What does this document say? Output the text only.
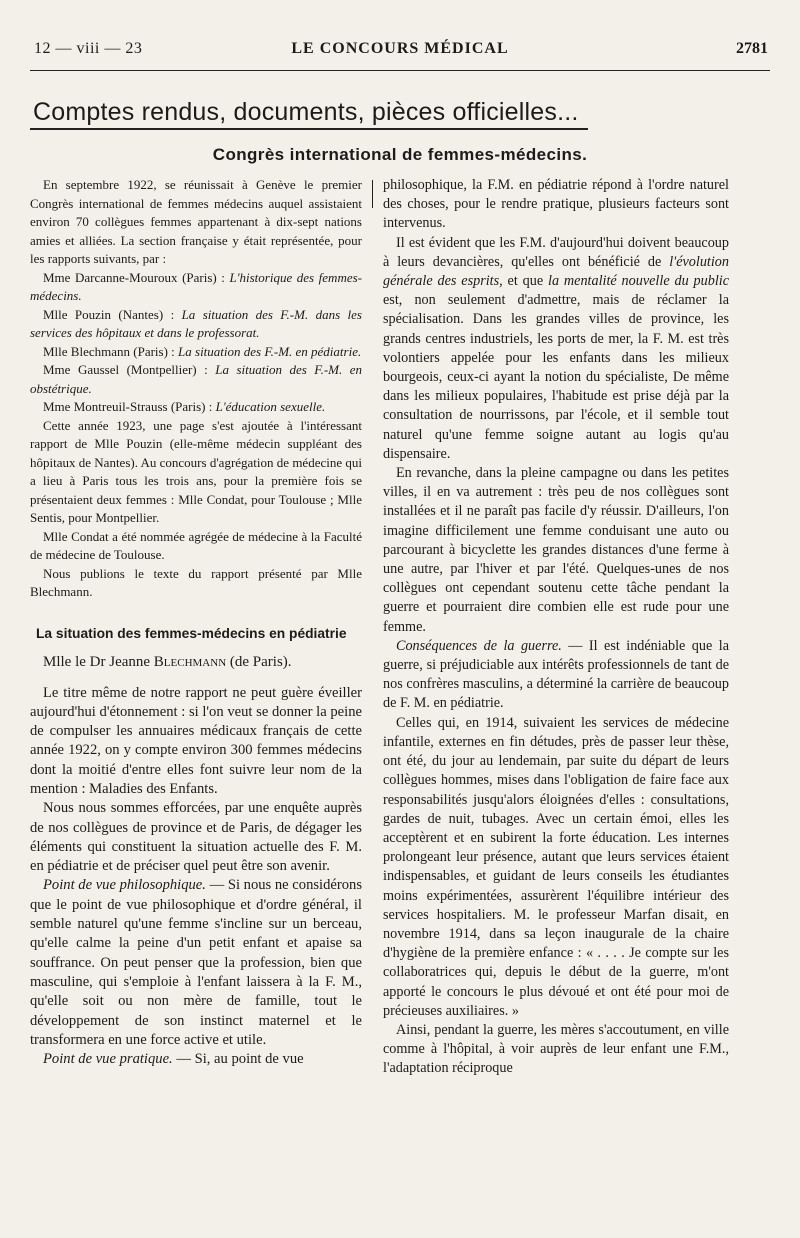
12 — viii — 23	LE CONCOURS MÉDICAL	2781
Comptes rendus, documents, pièces officielles...
Congrès international de femmes-médecins.

En septembre 1922, se réunissait à Genève le premier Congrès international de femmes médecins auquel assistaient environ 70 collègues femmes appartenant à dix-sept nations amies et alliées. La section française y était représentée, pour les rapports suivants, par :

Mme Darcanne-Mouroux (Paris) : L'historique des femmes-médecins.

Mlle Pouzin (Nantes) : La situation des F.-M. dans les services des hôpitaux et dans le professorat.

Mlle Blechmann (Paris) : La situation des F.-M. en pédiatrie.

Mme Gaussel (Montpellier) : La situation des F.-M. en obstétrique.

Mme Montreuil-Strauss (Paris) : L'éducation sexuelle.

Cette année 1923, une page s'est ajoutée à l'intéressant rapport de Mlle Pouzin (elle-même médecin suppléant des hôpitaux de Nantes). Au concours d'agrégation de médecine qui a lieu à Paris tous les trois ans, pour la première fois se présentaient deux femmes : Mlle Condat, pour Toulouse ; Mlle Sentis, pour Montpellier.

Mlle Condat a été nommée agrégée de médecine à la Faculté de médecine de Toulouse.

Nous publions le texte du rapport présenté par Mlle Blechmann.

La situation des femmes-médecins en pédiatrie

Mlle le Dr Jeanne Blechmann (de Paris).

Le titre même de notre rapport ne peut guère éveiller aujourd'hui d'étonnement : si l'on veut se donner la peine de compulser les annuaires médicaux français de cette année 1922, on y compte environ 300 femmes médecins dont la moitié d'entre elles font suivre leur nom de la mention : Maladies des Enfants.

Nous nous sommes efforcées, par une enquête auprès de nos collègues de province et de Paris, de dégager les éléments qui constituent la situation actuelle des F. M. en pédiatrie et de préciser quel peut être son avenir.

Point de vue philosophique. — Si nous ne considérons que le point de vue philosophique et d'ordre général, il semble naturel qu'une femme s'incline sur un berceau, qu'elle calme la peine d'un petit enfant et apaise sa souffrance. On peut penser que la profession, bien que masculine, qui s'emploie à l'enfant laissera à la F. M., qu'elle soit ou non mère de famille, tout le développement de son instinct maternel et le transformera en une force active et utile.

Point de vue pratique. — Si, au point de vue

philosophique, la F.M. en pédiatrie répond à l'ordre naturel des choses, pour le rendre pratique, plusieurs facteurs sont intervenus.

Il est évident que les F.M. d'aujourd'hui doivent beaucoup à leurs devancières, qu'elles ont bénéficié de l'évolution générale des esprits, et que la mentalité nouvelle du public est, non seulement d'admettre, mais de réclamer la spécialisation. Dans les grandes villes de province, les grands centres industriels, les ports de mer, la F. M. est très volontiers appelée pour les enfants dans les milieux bourgeois, ceux-ci ayant la notion du spécialiste, De même dans les milieux populaires, l'habitude est prise déjà par la consultation de nourrissons, par l'école, et il semble tout naturel qu'une femme soigne autant au logis qu'au dispensaire.

En revanche, dans la pleine campagne ou dans les petites villes, il en va autrement : très peu de nos collègues sont installées et il ne paraît pas facile d'y réussir. D'ailleurs, l'on imagine difficilement une femme conduisant une auto ou parcourant à bicyclette les grandes distances d'une ferme à une autre, par l'hiver et par l'été. Quelques-unes de nos collègues ont cependant soutenu cette tâche pendant la guerre et pourraient dire combien elle est rude pour une femme.

Conséquences de la guerre. — Il est indéniable que la guerre, si préjudiciable aux intérêts professionnels de tant de nos confrères masculins, a déterminé la carrière de beaucoup de F. M. en pédiatrie.

Celles qui, en 1914, suivaient les services de médecine infantile, externes en fin détudes, près de passer leur thèse, ont été, du jour au lendemain, par suite du départ de leurs collègues hommes, mises dans l'obligation de faire face aux responsabilités jusqu'alors éloignées d'elles : consultations, gardes de nuit, tubages. Avec un certain émoi, elles les acceptèrent et en subirent la forte éducation. Les internes prolongeant leur présence, autant que leurs services étaient indispensables, et guidant de leurs conseils les étudiantes moins expérimentées, assurèrent l'équilibre intérieur des services hospitaliers. M. le professeur Marfan disait, en novembre 1914, dans sa leçon inaugurale de la chaire d'hygiène de la première enfance : « . . . . Je compte sur les collaboratrices qui, depuis le début de la guerre, m'ont apporté le concours le plus dévoué et ont été pour moi de précieuses auxiliaires. »

Ainsi, pendant la guerre, les mères s'accoutument, en ville comme à l'hôpital, à voir auprès de leur enfant une F.M., l'adaptation réciproque
